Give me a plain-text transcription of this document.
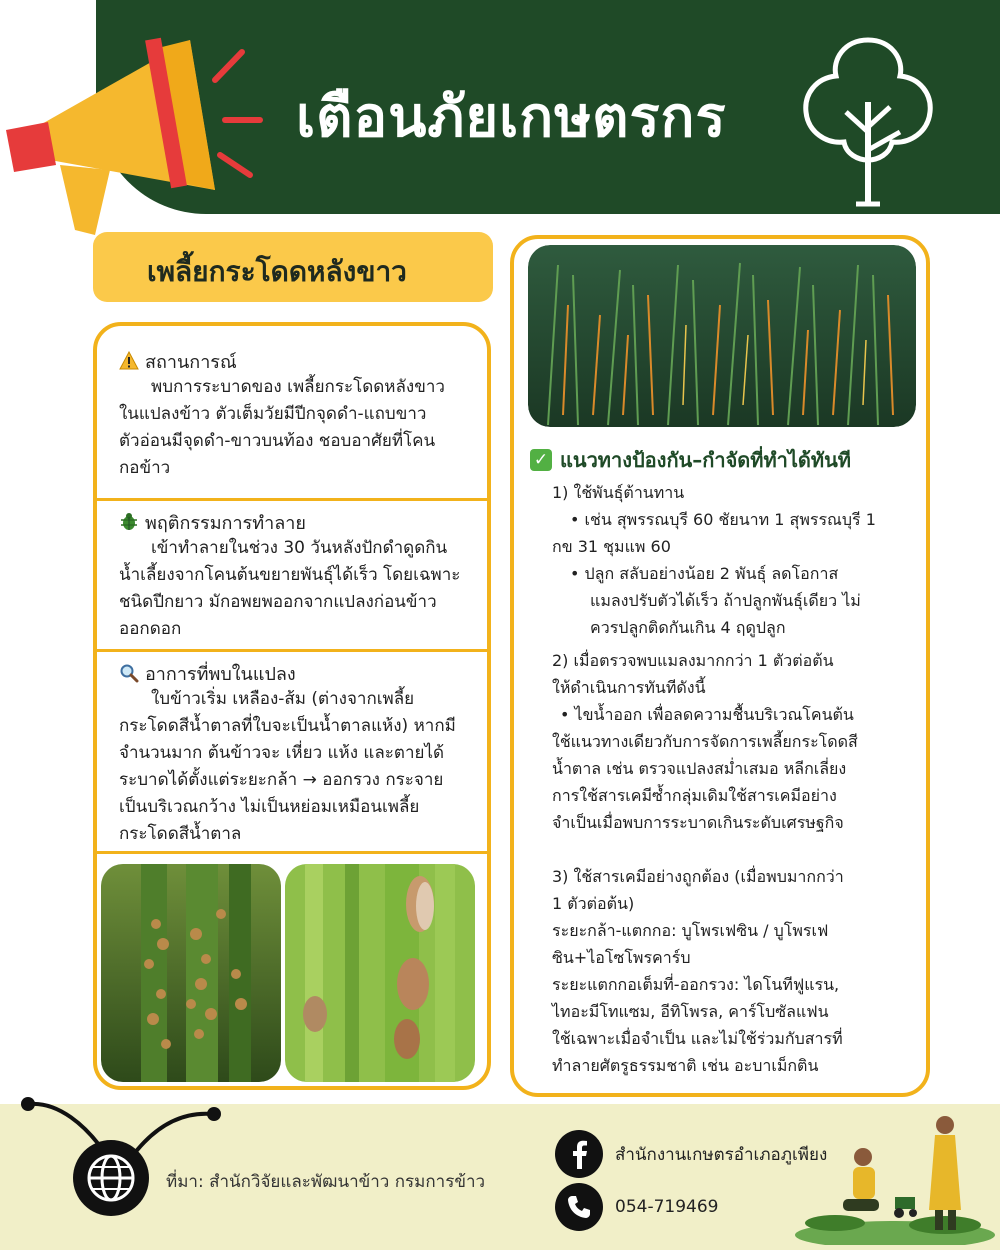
เตือนภัยเกษตรกร
เพลี้ยกระโดดหลังขาว
สถานการณ์
พบการระบาดของ เพลี้ยกระโดดหลังขาว
ในแปลงข้าว ตัวเต็มวัยมีปีกจุดดำ-แถบขาว
ตัวอ่อนมีจุดดำ-ขาวบนท้อง ชอบอาศัยที่โคน
กอข้าว
พฤติกรรมการทำลาย
เข้าทำลายในช่วง 30 วันหลังปักดำดูดกิน
น้ำเลี้ยงจากโคนต้นขยายพันธุ์ได้เร็ว โดยเฉพาะ
ชนิดปีกยาว มักอพยพออกจากแปลงก่อนข้าว
ออกดอก
อาการที่พบในแปลง
ใบข้าวเริ่ม เหลือง-ส้ม (ต่างจากเพลี้ย
กระโดดสีน้ำตาลที่ใบจะเป็นน้ำตาลแห้ง) หากมี
จำนวนมาก ต้นข้าวจะ เหี่ยว แห้ง และตายได้
ระบาดได้ตั้งแต่ระยะกล้า → ออกรวง กระจาย
เป็นบริเวณกว้าง ไม่เป็นหย่อมเหมือนเพลี้ย
กระโดดสีน้ำตาล
✓ แนวทางป้องกัน–กำจัดที่ทำได้ทันที
1) ใช้พันธุ์ต้านทาน
• เช่น สุพรรณบุรี 60 ชัยนาท 1 สุพรรณบุรี 1
กข 31 ชุมแพ 60
• ปลูก สลับอย่างน้อย 2 พันธุ์ ลดโอกาส
แมลงปรับตัวได้เร็ว ถ้าปลูกพันธุ์เดียว ไม่
ควรปลูกติดกันเกิน 4 ฤดูปลูก
2) เมื่อตรวจพบแมลงมากกว่า 1 ตัวต่อต้น
ให้ดำเนินการทันทีดังนี้
• ไขน้ำออก เพื่อลดความชื้นบริเวณโคนต้น
ใช้แนวทางเดียวกับการจัดการเพลี้ยกระโดดสี
น้ำตาล เช่น ตรวจแปลงสม่ำเสมอ หลีกเลี่ยง
การใช้สารเคมีซ้ำกลุ่มเดิมใช้สารเคมีอย่าง
จำเป็นเมื่อพบการระบาดเกินระดับเศรษฐกิจ
3) ใช้สารเคมีอย่างถูกต้อง (เมื่อพบมากกว่า
1 ตัวต่อต้น)
ระยะกล้า-แตกกอ: บูโพรเฟซิน / บูโพรเฟ
ซิน+ไอโซโพรคาร์บ
ระยะแตกกอเต็มที่-ออกรวง: ไดโนทีฟูแรน,
ไทอะมีโทแซม, อีทิโพรล, คาร์โบซัลแฟน
ใช้เฉพาะเมื่อจำเป็น และไม่ใช้ร่วมกับสารที่
ทำลายศัตรูธรรมชาติ เช่น อะบาเม็กติน
ที่มา: สำนักวิจัยและพัฒนาข้าว กรมการข้าว
สำนักงานเกษตรอำเภอภูเพียง
054-719469
